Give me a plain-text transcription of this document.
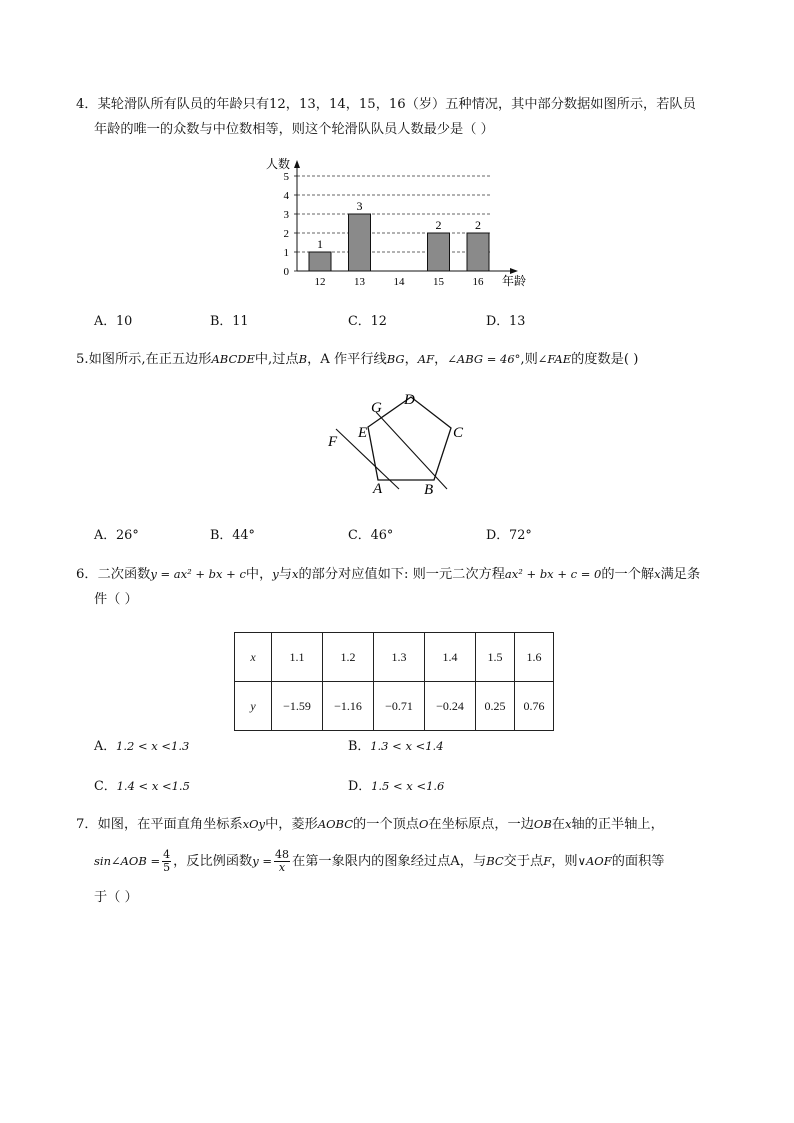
4．某轮滑队所有队员的年龄只有12，13，14，15，16（岁）五种情况，其中部分数据如图所示，若队员
年龄的唯一的众数与中位数相等，则这个轮滑队队员人数最少是（ ）
1
3
2	2
0
1
2
3
4
5
12	13	14	15	16
人数
年龄
A．10	B．11	C．12	D．13
5.如图所示,在正五边形ABCDE中,过点B，A 作平行线BG，AF，∠ABG = 46°,则∠FAE的度数是( )
A	B
C
D
E
F
G
A．26°	B．44°	C．46°	D．72°
6．二次函数y = ax² + bx + c中，y与x的部分对应值如下: 则一元二次方程ax² + bx + c = 0的一个解x满足条
件（ ）
x	1.1	1.2	1.3	1.4	1.5	1.6
y	−1.59	−1.16	−0.71	−0.24	0.25	0.76
A．1.2 < x <1.3	B．1.3 < x <1.4
C．1.4 < x <1.5	D．1.5 < x <1.6
7．如图，在平面直角坐标系xOy中，菱形AOBC的一个顶点O在坐标原点，一边OB在x轴的正半轴上，
sin∠AOB = $\frac{4}{5}$ ，反比例函数$y = \frac{48}{x}$ 在第一象限内的图象经过点A，与BC交于点F，则∨AOF的面积等
于（ ）
